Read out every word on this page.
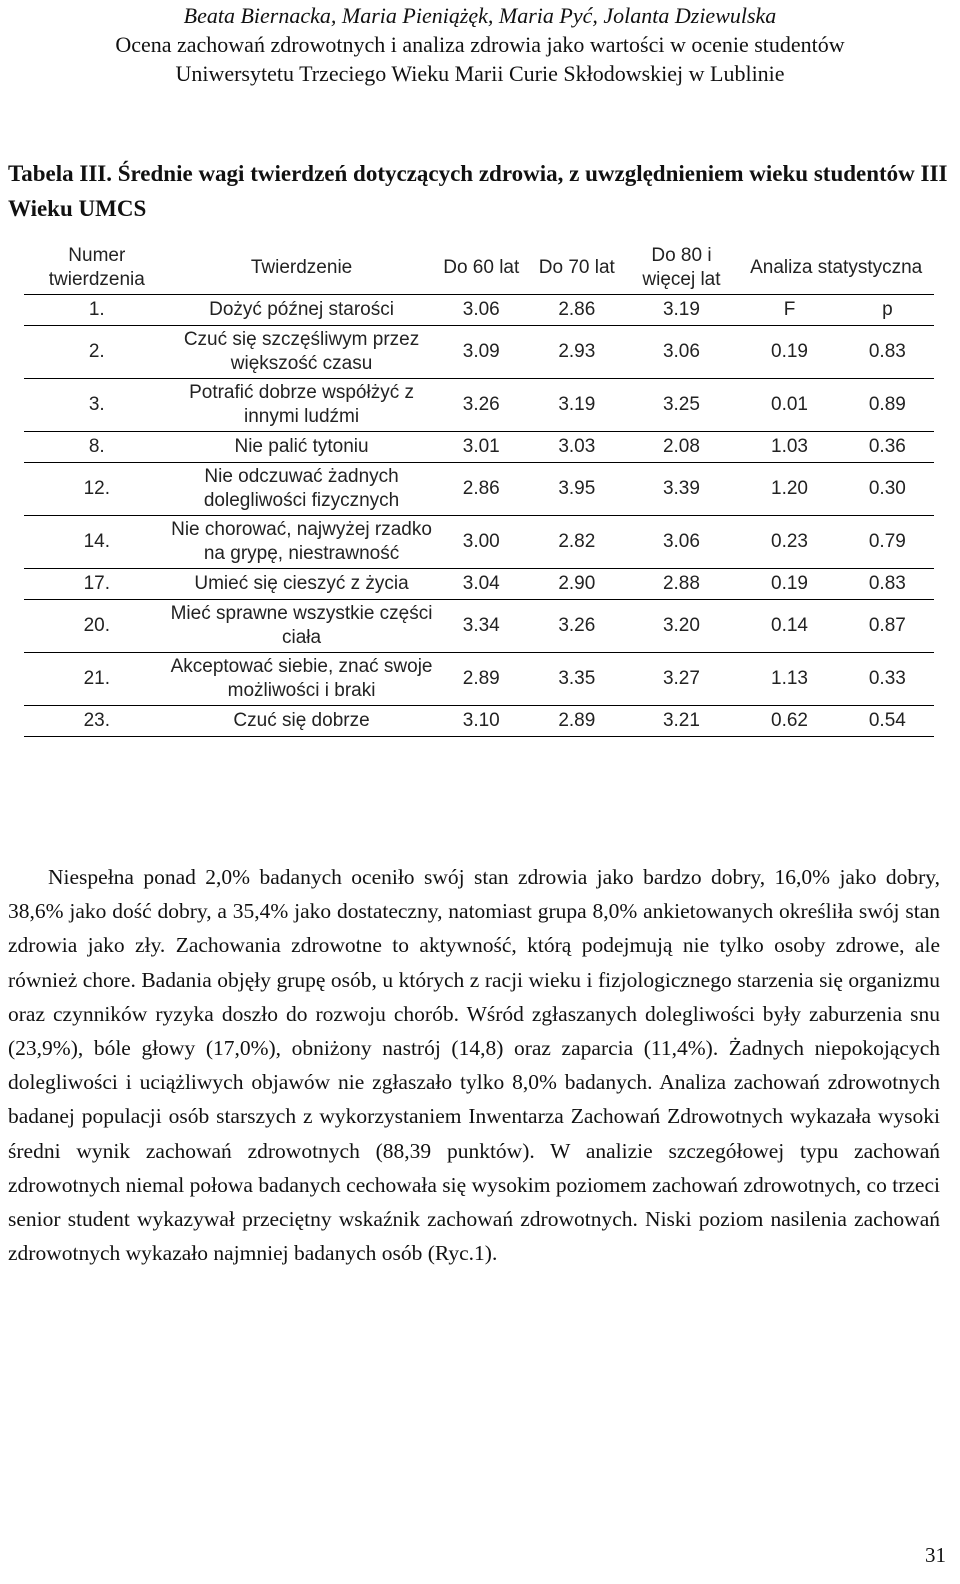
Beata Biernacka, Maria Pieniążęk, Maria Pyć, Jolanta Dziewulska
Ocena zachowań zdrowotnych i analiza zdrowia jako wartości w ocenie studentów
Uniwersytetu Trzeciego Wieku Marii Curie Skłodowskiej w Lublinie
Tabela III. Średnie wagi twierdzeń dotyczących zdrowia, z uwzględnieniem wieku studentów III Wieku UMCS
Numer twierdzenia	Twierdzenie	Do 60 lat	Do 70 lat	Do 80 i więcej lat	Analiza statystyczna	
1.	Dożyć późnej starości	3.06	2.86	3.19	F	p
2.	Czuć się szczęśliwym przez większość czasu	3.09	2.93	3.06	0.19	0.83
3.	Potrafić dobrze współżyć z innymi ludźmi	3.26	3.19	3.25	0.01	0.89
8.	Nie palić tytoniu	3.01	3.03	2.08	1.03	0.36
12.	Nie odczuwać żadnych dolegliwości fizycznych	2.86	3.95	3.39	1.20	0.30
14.	Nie chorować, najwyżej rzadko na grypę, niestrawność	3.00	2.82	3.06	0.23	0.79
17.	Umieć się cieszyć z życia	3.04	2.90	2.88	0.19	0.83
20.	Mieć sprawne wszystkie części ciała	3.34	3.26	3.20	0.14	0.87
21.	Akceptować siebie, znać swoje możliwości i braki	2.89	3.35	3.27	1.13	0.33
23.	Czuć się dobrze	3.10	2.89	3.21	0.62	0.54

Niespełna ponad 2,0% badanych oceniło swój stan zdrowia jako bardzo dobry, 16,0% jako dobry, 38,6% jako dość dobry, a 35,4% jako dostateczny, natomiast grupa 8,0% ankietowanych określiła swój stan zdrowia jako zły. Zachowania zdrowotne to aktywność, którą podejmują nie tylko osoby zdrowe, ale również chore. Badania objęły grupę osób, u których z racji wieku i fizjologicznego starzenia się organizmu oraz czynników ryzyka doszło do rozwoju chorób. Wśród zgłaszanych dolegliwości były zaburzenia snu (23,9%), bóle głowy (17,0%), obniżony nastrój (14,8) oraz zaparcia (11,4%). Żadnych niepokojących dolegliwości i uciążliwych objawów nie zgłaszało tylko 8,0% badanych. Analiza zachowań zdrowotnych badanej populacji osób starszych z wykorzystaniem Inwentarza Zachowań Zdrowotnych wykazała wysoki średni wynik zachowań zdrowotnych (88,39 punktów). W analizie szczegółowej typu zachowań zdrowotnych niemal połowa badanych cechowała się wysokim poziomem zachowań zdrowotnych, co trzeci senior student wykazywał przeciętny wskaźnik zachowań zdrowotnych. Niski poziom nasilenia zachowań zdrowotnych wykazało najmniej badanych osób (Ryc.1).

31
